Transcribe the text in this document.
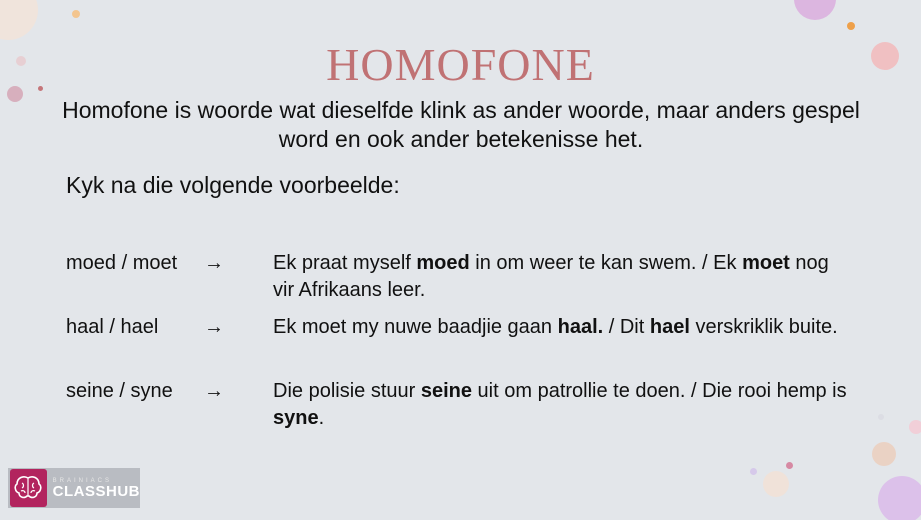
HOMOFONE
Homofone is woorde wat dieselfde klink as ander woorde, maar anders gespel word en ook ander betekenisse het.
Kyk na die volgende voorbeelde:
moed / moet → Ek praat myself moed in om weer te kan swem. / Ek moet nog vir Afrikaans leer.
haal / hael → Ek moet my nuwe baadjie gaan haal. / Dit hael verskriklik buite.
seine / syne → Die polisie stuur seine uit om patrollie te doen. / Die rooi hemp is syne.
BRAINIACS
CLASSHUB
